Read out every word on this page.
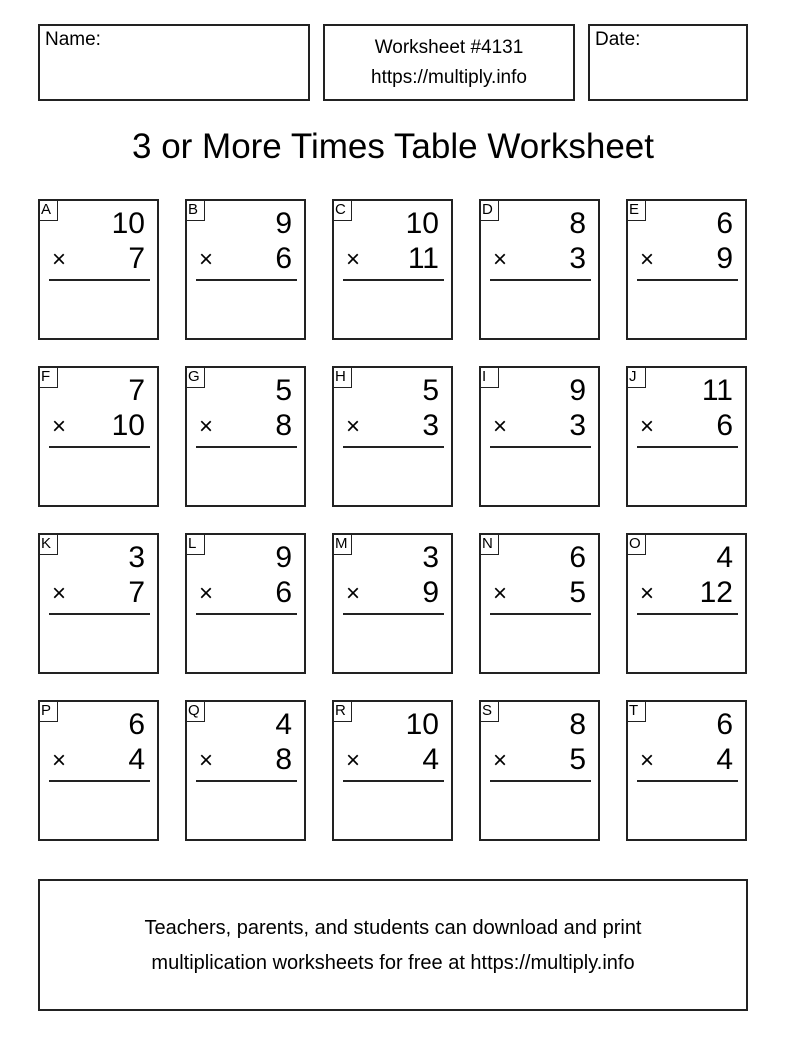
Name:	Worksheet #4131
https://multiply.info
Date:
3 or More Times Table Worksheet
A 10
× 7
B	9
× 6
C 10
× 11
D	8
× 3
E	6
× 9
F	7
× 10
G	5
× 8
H	5
× 3
I	9
× 3
J	11
× 6
K	3
× 7
L	9
× 6
M 3
× 9
N	6
× 5
O	4
× 12
P	6
× 4
Q	4
× 8
R 10
× 4
S	8
× 5
T	6
× 4
Teachers, parents, and students can download and print
multiplication worksheets for free at https://multiply.info
